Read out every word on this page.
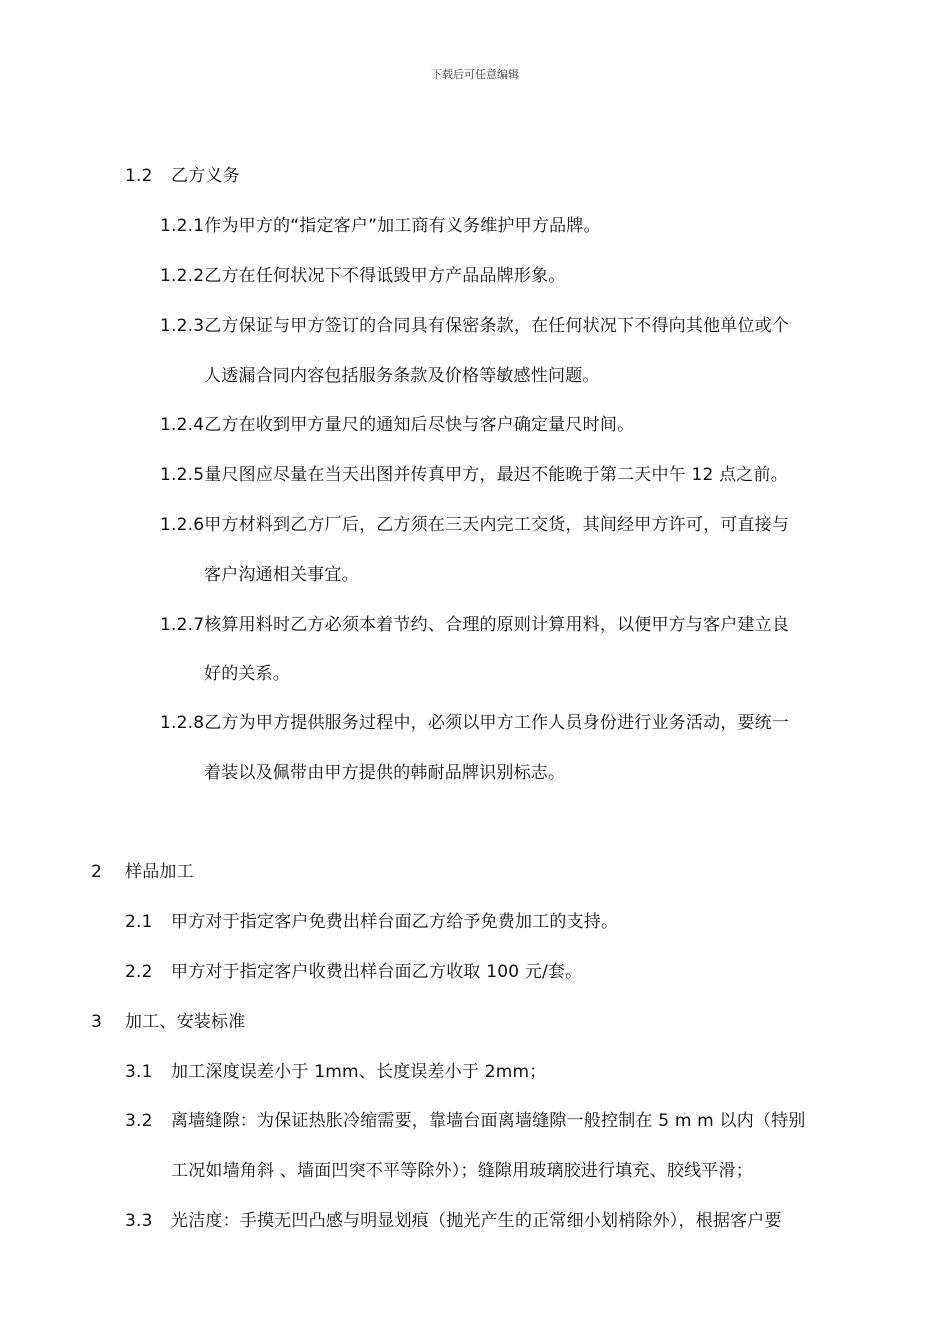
下载后可任意编辑
1.2 乙方义务
1.2.1作为甲方的“指定客户”加工商有义务维护甲方品牌。
1.2.2乙方在任何状况下不得诋毁甲方产品品牌形象。
1.2.3乙方保证与甲方签订的合同具有保密条款，在任何状况下不得向其他单位或个
人透漏合同内容包括服务条款及价格等敏感性问题。
1.2.4乙方在收到甲方量尺的通知后尽快与客户确定量尺时间。
1.2.5量尺图应尽量在当天出图并传真甲方，最迟不能晚于第二天中午 12 点之前。
1.2.6甲方材料到乙方厂后，乙方须在三天内完工交货，其间经甲方许可，可直接与
客户沟通相关事宜。
1.2.7核算用料时乙方必须本着节约、合理的原则计算用料，以便甲方与客户建立良
好的关系。
1.2.8乙方为甲方提供服务过程中，必须以甲方工作人员身份进行业务活动，要统一
着装以及佩带由甲方提供的韩耐品牌识别标志。
2 样品加工
2.1 甲方对于指定客户免费出样台面乙方给予免费加工的支持。
2.2 甲方对于指定客户收费出样台面乙方收取 100 元/套。
3 加工、安装标准
3.1 加工深度误差小于 1mm、长度误差小于 2mm；
3.2 离墙缝隙：为保证热胀冷缩需要，靠墙台面离墙缝隙一般控制在 5 m m 以内（特别
工况如墙角斜 、墙面凹突不平等除外）；缝隙用玻璃胶进行填充、胶线平滑；
3.3 光洁度：手摸无凹凸感与明显划痕（抛光产生的正常细小划梢除外），根据客户要
